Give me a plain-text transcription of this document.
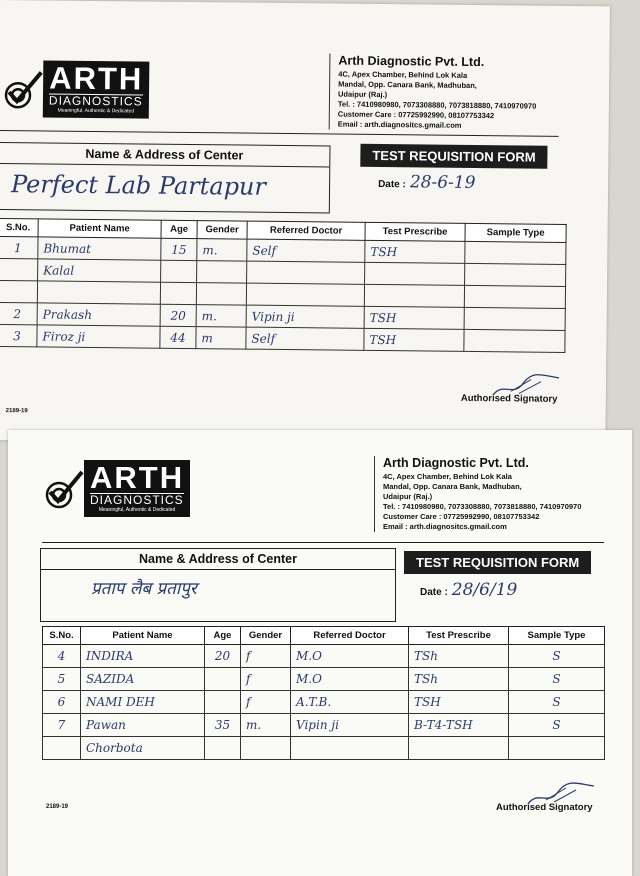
ARTH
DIAGNOSTICS
Meaningful, Authentic & Dedicated
Arth Diagnostic Pvt. Ltd.
4C, Apex Chamber, Behind Lok Kala
Mandal, Opp. Canara Bank, Madhuban,
Udaipur (Raj.)
Tel. : 7410980980, 7073308880, 7073818880, 7410970970
Customer Care : 07725992990, 08107753342
Email : arth.diagnositcs.gmail.com
Name & Address of Center
Perfect Lab Partapur
TEST REQUISITION FORM
Date : 28-6-19
S.No.	Patient Name	Age	Gender	Referred Doctor	Test Prescribe	Sample Type
1	Bhumat	15	m.	Self	TSH	
	Kalal					

2	Prakash	20	m.	Vipin ji	TSH	
3	Firoz ji	44	m	Self	TSH	
Authorised Signatory
2189-19
ARTH
DIAGNOSTICS
Meaningful, Authentic & Dedicated
Arth Diagnostic Pvt. Ltd.
4C, Apex Chamber, Behind Lok Kala
Mandal, Opp. Canara Bank, Madhuban,
Udaipur (Raj.)
Tel. : 7410980980, 7073308880, 7073818880, 7410970970
Customer Care : 07725992990, 08107753342
Email : arth.diagnositcs.gmail.com
Name & Address of Center
प्रताप लैब प्रतापुर
TEST REQUISITION FORM
Date : 28/6/19
S.No.	Patient Name	Age	Gender	Referred Doctor	Test Prescribe	Sample Type
4	INDIRA	20	f	M.O	TSh	S
5	SAZIDA		f	M.O	TSh	S
6	NAMI DEH		f	A.T.B.	TSH	S
7	Pawan	35	m.	Vipin ji	B-T4-TSH	S
	Chorbota					
Authorised Signatory
2189-19
